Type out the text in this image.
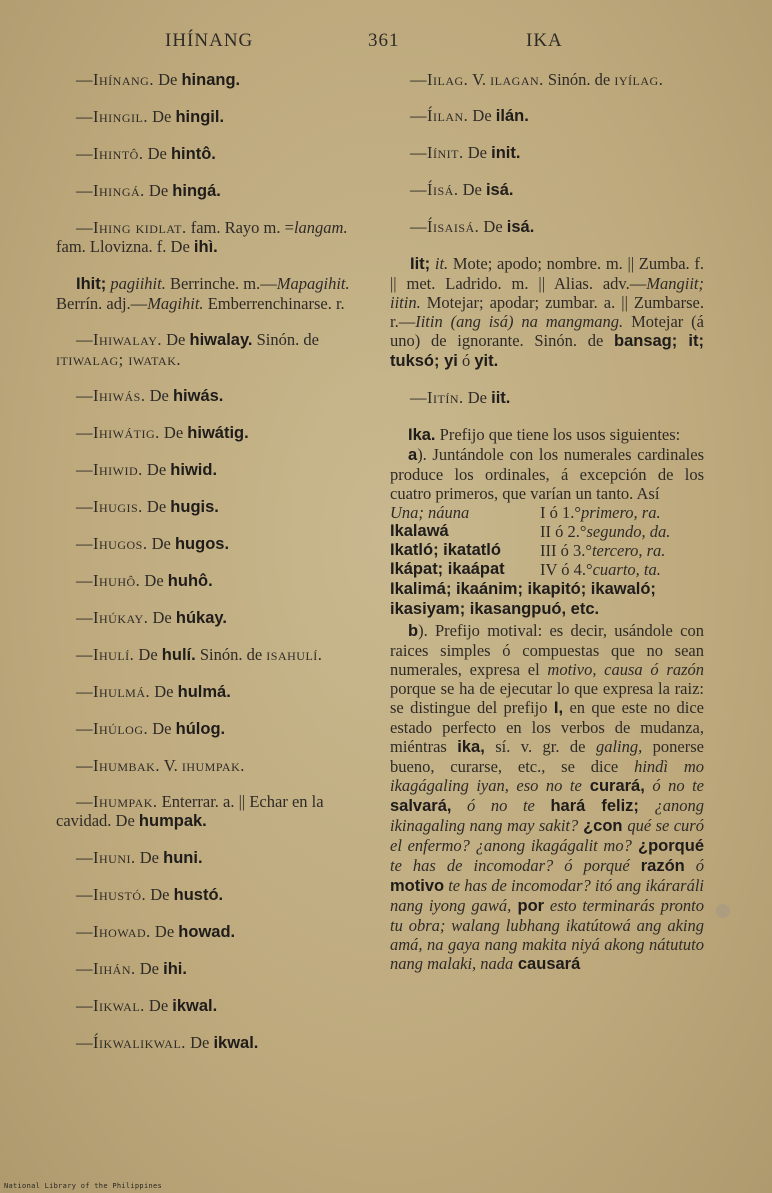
IHÍNANG	361	IKA

—Ihínang. De hinang.

—Ihingil. De hingil.

—Ihintô. De hintô.

—Ihingá. De hingá.

—Ihing kidlat. fam. Rayo m. =langam. fam. Llovizna. f. De ihì.

Ihit; pagiihit. Berrinche. m.—Mapagihit. Berrín. adj.—Magihit. Emberrenchinarse. r.

—Ihiwalay. De hiwalay. Sinón. de itiwalag; iwatak.

—Ihiwás. De hiwás.

—Ihiwátig. De hiwátig.

—Ihiwid. De hiwid.

—Ihugis. De hugis.

—Ihugos. De hugos.

—Ihuhô. De huhô.

—Ihúkay. De húkay.

—Ihulí. De hulí. Sinón. de isahulí.

—Ihulmá. De hulmá.

—Ihúlog. De húlog.

—Ihumbak. V. ihumpak.

—Ihumpak. Enterrar. a. || Echar en la cavidad. De humpak.

—Ihuni. De huni.

—Ihustó. De hustó.

—Ihowad. De howad.

—Iihán. De ihi.

—Iikwal. De ikwal.

—Íikwalikwal. De ikwal.

—Iilag. V. ilagan. Sinón. de iyílag.

—Íilan. De ilán.

—Iínit. De init.

—Íisá. De isá.

—Íisaisá. De isá.

Iit; it. Mote; apodo; nombre. m. || Zumba. f. || met. Ladrido. m. || Alias. adv.—Mangiit; iitin. Motejar; apodar; zumbar. a. || Zumbarse. r.—Iitin (ang isá) na mangmang. Motejar (á uno) de ignorante. Sinón. de bansag; it; tuksó; yi ó yit.

—Iitín. De iit.

Ika. Prefijo que tiene los usos siguientes:

a). Juntándole con los numerales cardinales produce los ordinales, á excepción de los cuatro primeros, que varían un tanto. Así

Una; náuna	I ó 1.° primero, ra.
Ikalawá	II ó 2.° segundo, da.
Ikatló; ikatatló	III ó 3.° tercero, ra.
Ikápat; ikaápat	IV ó 4.° cuarto, ta.
Ikalimá; ikaánim; ikapitó; ikawaló; ikasiyam; ikasangpuó, etc.

b). Prefijo motival: es decir, usándole con raices simples ó compuestas que no sean numerales, expresa el motivo, causa ó razón porque se ha de ejecutar lo que expresa la raiz: se distingue del prefijo I, en que este no dice estado perfecto en los verbos de mudanza, miéntras ika, sí. v. gr. de galing, ponerse bueno, curarse, etc., se dice hindì mo ikagágaling iyan, eso no te curará, ó no te salvará, ó no te hará feliz; ¿anong ikinagaling nang may sakit? ¿con qué se curó el enfermo? ¿anong ikagágalit mo? ¿porqué te has de incomodar? ó porqué razón ó motivo te has de incomodar? itó ang ikáraráli nang iyong gawá, por esto terminarás pronto tu obra; walang lubhang ikatútowá ang aking amá, na gaya nang makita niyá akong nátututo nang malaki, nada causará

National Library of the Philippines
